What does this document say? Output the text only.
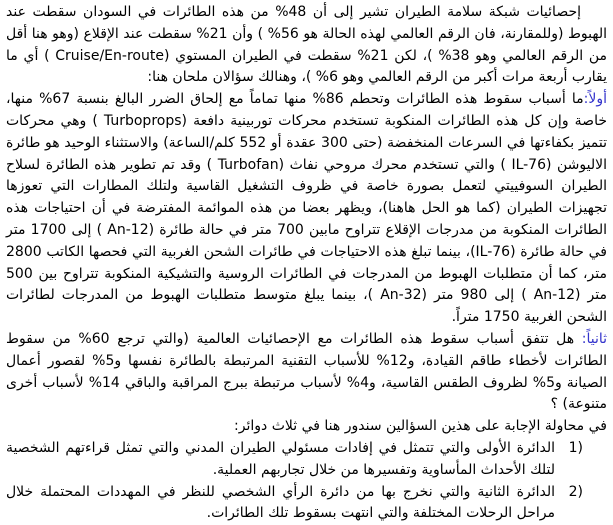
إحصائيات شبكة سلامة الطيران تشير إلى أن 48% من هذه الطائرات في السودان سقطت عند الهبوط (وللمقارنة، فان الرقم العالمي لهذه الحالة هو 56% ) وأن 21% سقطت عند الإقلاع (وهو هنا أقل من الرقم العالمي وهو 38% )، لكن 21% سقطت في الطيران المستوي (Cruise/En-route ) أي ما يقارب أربعة مرات أكبر من الرقم العالمي وهو 6% )، وهنالك سؤالان ملحان هنا:

أولاً:ما أسباب سقوط هذه الطائرات وتحطم 86% منها تماماً مع إلحاق الضرر البالغ بنسبة 67% منها، خاصة وإن كل هذه الطائرات المنكوبة تستخدم محركات توربينية دافعة (Turboprops ) وهي محركات تتميز بكفاءتها في السرعات المنخفضة (حتى 300 عقدة أو 552 كلم/الساعة) والاستثناء الوحيد هو طائرة الاليوشن (IL-76 ) والتي تستخدم محرك مروحي نفاث (Turbofan ) وقد تم تطوير هذه الطائرة لسلاح الطيران السوفييتي لتعمل بصورة خاصة في ظروف التشغيل القاسية ولتلك المطارات التي تعوزها تجهيزات الطيران (كما هو الحل هاهنا)، ويظهر بعضا من هذه الموائمة المفترضة في أن احتياجات هذه الطائرات المنكوبة من مدرجات الإقلاع تتراوح مابين 700 متر في حالة طائرة (An-12 ) إلى 1700 متر في حالة طائرة (IL-76)، بينما تبلغ هذه الاحتياجات في طائرات الشحن الغربية التي فحصها الكاتب 2800 متر، كما أن متطلبات الهبوط من المدرجات في الطائرات الروسية والتشيكية المنكوبة تتراوح بين 500 متر (An-12 ) إلى 980 متر (An-32 )، بينما يبلغ متوسط متطلبات الهبوط من المدرجات لطائرات الشحن الغربية 1750 متراً.

ثانياً: هل تتفق أسباب سقوط هذه الطائرات مع الإحصائيات العالمية (والتي ترجع 60% من سقوط الطائرات لأخطاء طاقم القيادة، و12% للأسباب التقنية المرتبطة بالطائرة نفسها و5% لقصور أعمال الصيانة و5% لظروف الطقس القاسية، و4% لأسباب مرتبطة ببرج المراقبة والباقي 14% لأسباب أخرى متنوعة) ؟

في محاولة الإجابة على هذين السؤالين سندور هنا في ثلاث دوائر:

1)
الدائرة الأولى والتي تتمثل في إفادات مسئولي الطيران المدني والتي تمثل قراءتهم الشخصية لتلك الأحداث المأساوية وتفسيرها من خلال تجاربهم العملية.
2)
الدائرة الثانية والتي نخرج بها من دائرة الرأي الشخصي للنظر في المهددات المحتملة خلال مراحل الرحلات المختلفة والتي انتهت بسقوط تلك الطائرات.
